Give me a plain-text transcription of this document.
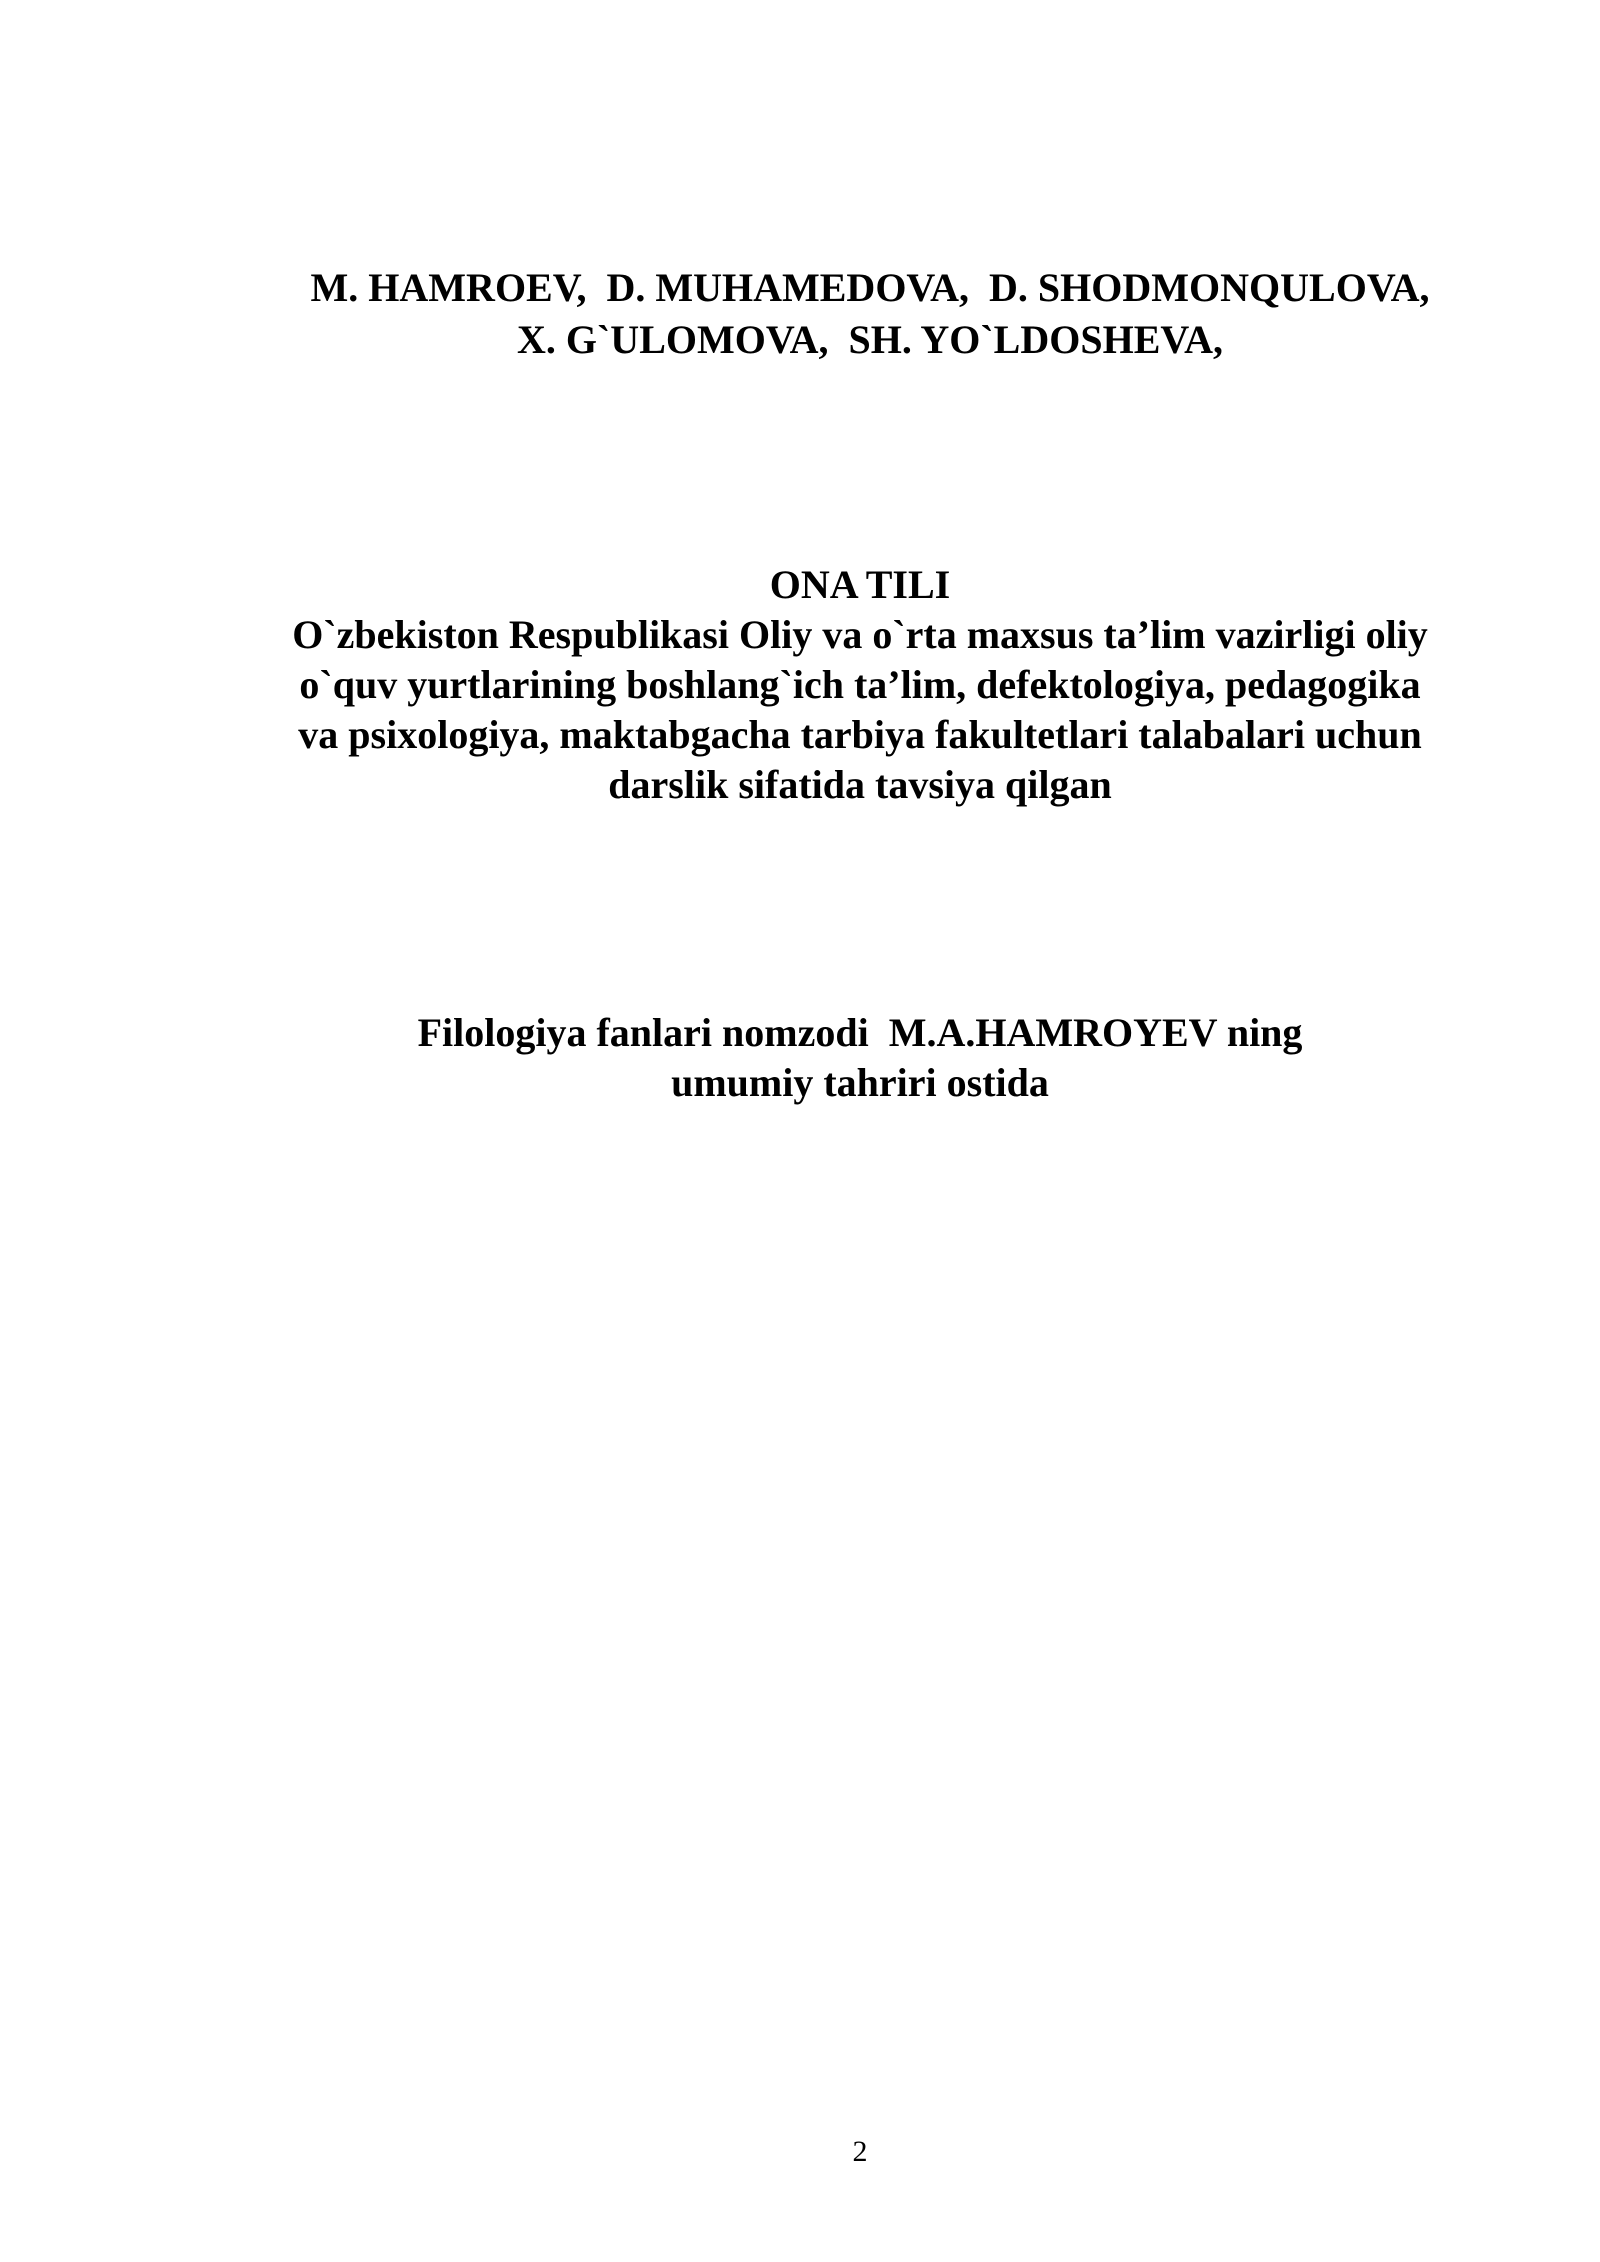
M. HAMROEV,  D. MUHAMEDOVA,  D. SHODMONQULOVA,
X. G`ULOMOVA,  SH. YO`LDOSHEVA,
ONA TILI
O`zbekiston Respublikasi Oliy va o`rta maxsus ta’lim vazirligi oliy
o`quv yurtlarining boshlang`ich ta’lim, defektologiya, pedagogika
va psixologiya, maktabgacha tarbiya fakultetlari talabalari uchun
darslik sifatida tavsiya qilgan
Filologiya fanlari nomzodi  M.A.HAMROYEV ning
umumiy tahriri ostida
2
